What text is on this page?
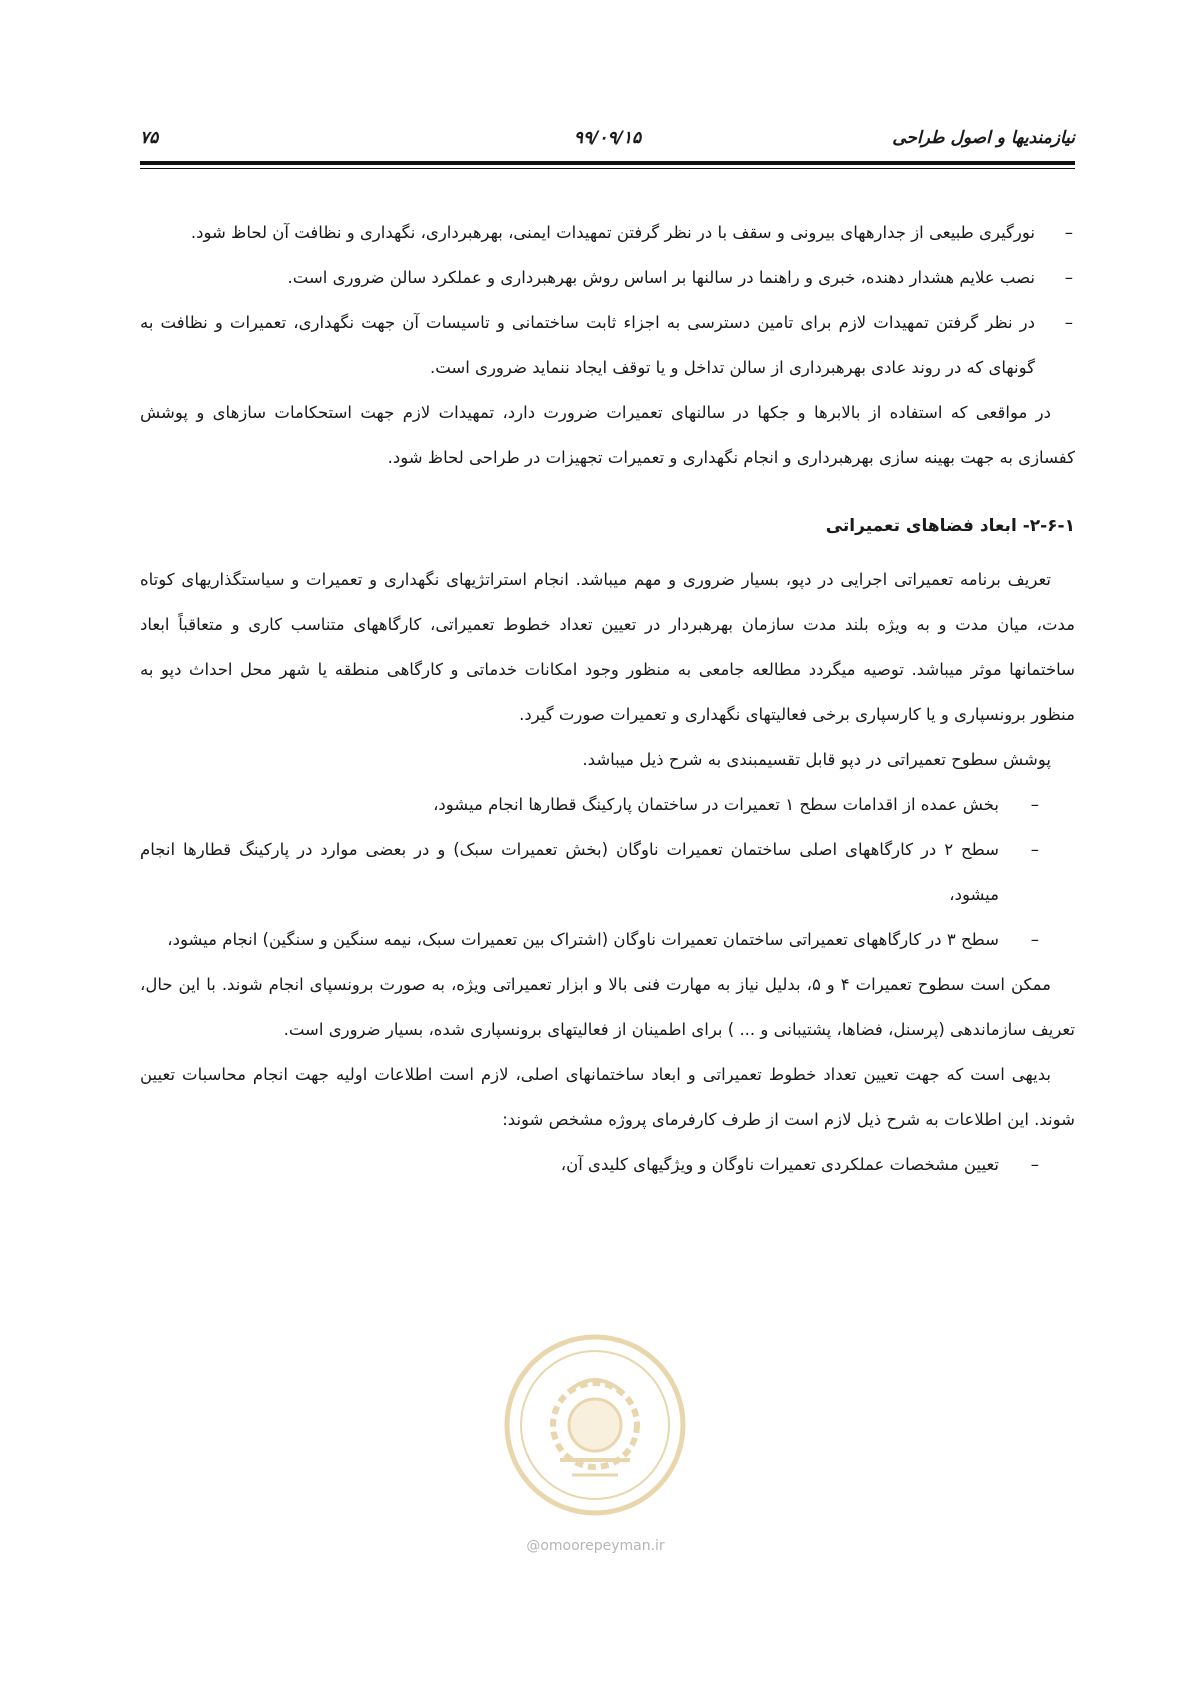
نیازمندیها و اصول طراحی
۹۹/۰۹/۱۵
۷۵

–
نورگیری طبیعی از جدارههای بیرونی و سقف با در نظر گرفتن تمهیدات ایمنی، بهرهبرداری، نگهداری و نظافت آن لحاظ شود.

–
نصب علایم هشدار دهنده، خبری و راهنما در سالنها بر اساس روش بهرهبرداری و عملکرد سالن ضروری است.

–
در نظر گرفتن تمهیدات لازم برای تامین دسترسی به اجزاء ثابت ساختمانی و تاسیسات آن جهت نگهداری، تعمیرات و نظافت به گونهای که در روند عادی بهرهبرداری از سالن تداخل و یا توقف ایجاد ننماید ضروری است.

در مواقعی که استفاده از بالابرها و جکها در سالنهای تعمیرات ضرورت دارد، تمهیدات لازم جهت استحکامات سازهای و پوشش کفسازی به جهت بهینه سازی بهرهبرداری و انجام نگهداری و تعمیرات تجهیزات در طراحی لحاظ شود.

۲-۶-۱- ابعاد فضاهای تعمیراتی

تعریف برنامه تعمیراتی اجرایی در دپو، بسیار ضروری و مهم میباشد. انجام استراتژیهای نگهداری و تعمیرات و سیاستگذاریهای کوتاه مدت، میان مدت و به ویژه بلند مدت سازمان بهرهبردار در تعیین تعداد خطوط تعمیراتی، کارگاههای متناسب کاری و متعاقباً ابعاد ساختمانها موثر میباشد. توصیه میگردد مطالعه جامعی به منظور وجود امکانات خدماتی و کارگاهی منطقه یا شهر محل احداث دپو به منظور برونسپاری و یا کارسپاری برخی فعالیتهای نگهداری و تعمیرات صورت گیرد.

پوشش سطوح تعمیراتی در دپو قابل تقسیمبندی به شرح ذیل میباشد.

–
بخش عمده از اقدامات سطح ۱ تعمیرات در ساختمان پارکینگ قطارها انجام میشود،

–
سطح ۲ در کارگاههای اصلی ساختمان تعمیرات ناوگان (بخش تعمیرات سبک) و در بعضی موارد در پارکینگ قطارها انجام میشود،

–
سطح ۳ در کارگاههای تعمیراتی ساختمان تعمیرات ناوگان (اشتراک بین تعمیرات سبک، نیمه سنگین و سنگین) انجام میشود،

ممکن است سطوح تعمیرات ۴ و ۵، بدلیل نیاز به مهارت فنی بالا و ابزار تعمیراتی ویژه، به صورت برونسپای انجام شوند. با این حال، تعریف سازماندهی (پرسنل، فضاها، پشتیبانی و ... ) برای اطمینان از فعالیتهای برونسپاری شده، بسیار ضروری است.

بدیهی است که جهت تعیین تعداد خطوط تعمیراتی و ابعاد ساختمانهای اصلی، لازم است اطلاعات اولیه جهت انجام محاسبات تعیین شوند. این اطلاعات به شرح ذیل لازم است از طرف کارفرمای پروژه مشخص شوند:

–
تعیین مشخصات عملکردی تعمیرات ناوگان و ویژگیهای کلیدی آن،

@omoorepeyman.ir
